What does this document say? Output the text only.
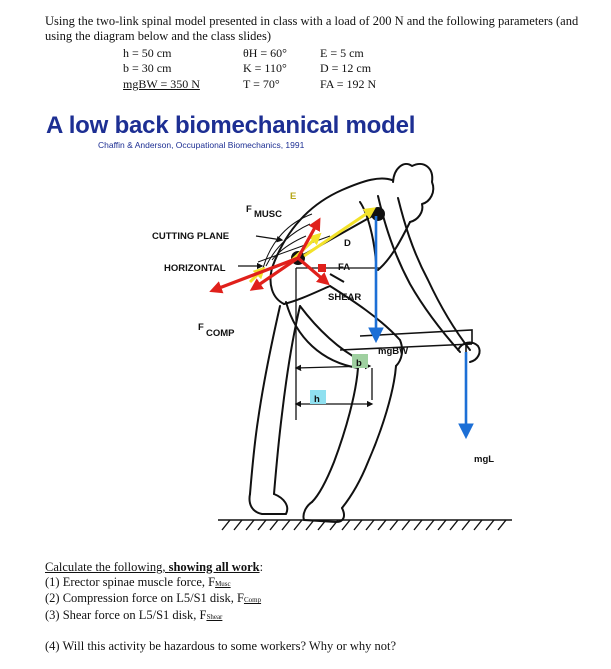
Using the two-link spinal model presented in class with a load of 200 N and the following parameters (and using the diagram below and the class slides)
h = 50 cm
b = 30 cm
mgBW = 350 N
θH = 60°
K = 110°
T = 70°
E = 5 cm
D = 12 cm
FA = 192 N
A low back biomechanical model
Chaffin & Anderson, Occupational Biomechanics, 1991
F MUSC
E
CUTTING PLANE
HORIZONTAL
D
FA
SHEAR
F
COMP
mgBW
b
h
mgL
Calculate the following, showing all work:
(1) Erector spinae muscle force, FMusc
(2) Compression force on L5/S1 disk, FComp
(3) Shear force on L5/S1 disk, FShear
(4) Will this activity be hazardous to some workers? Why or why not?
